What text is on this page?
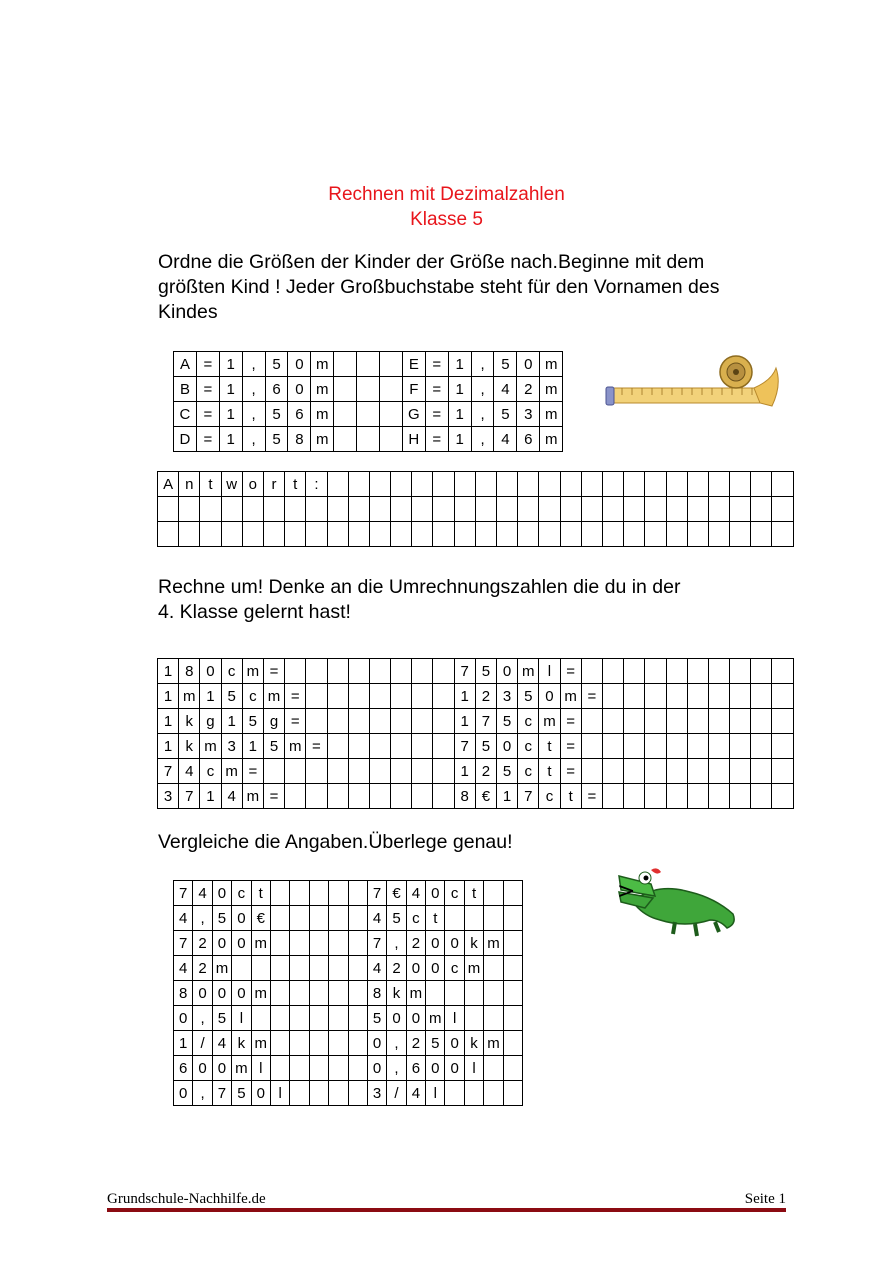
Rechnen mit Dezimalzahlen
Klasse 5
Ordne die Größen der Kinder der Größe nach.Beginne mit dem
größten Kind ! Jeder Großbuchstabe steht für den Vornamen des
Kindes
A	=	1	,	5	0	m				E	=	1	,	5	0	m
B	=	1	,	6	0	m				F	=	1	,	4	2	m
C	=	1	,	5	6	m				G	=	1	,	5	3	m
D	=	1	,	5	8	m				H	=	1	,	4	6	m
A	n	t	w	o	r	t	:																						

Rechne um! Denke an die Umrechnungszahlen die du in der
4. Klasse gelernt hast!
1	8	0	c	m	=									7	5	0	m	l	=										
1	m	1	5	c	m	=								1	2	3	5	0	m	=									
1	k	g	1	5	g	=								1	7	5	c	m	=										
1	k	m	3	1	5	m	=							7	5	0	c	t	=										
7	4	c	m	=										1	2	5	c	t	=										
3	7	1	4	m	=									8	€	1	7	c	t	=									
Vergleiche die Angaben.Überlege genau!
>
7	4	0	c	t						7	€	4	0	c	t		
4	,	5	0	€						4	5	c	t				
7	2	0	0	m						7	,	2	0	0	k	m	
4	2	m								4	2	0	0	c	m		
8	0	0	0	m						8	k	m					
0	,	5	l							5	0	0	m	l			
1	/	4	k	m						0	,	2	5	0	k	m	
6	0	0	m	l						0	,	6	0	0	l		
0	,	7	5	0	l					3	/	4	l				
Grundschule-Nachhilfe.de	Seite 1
